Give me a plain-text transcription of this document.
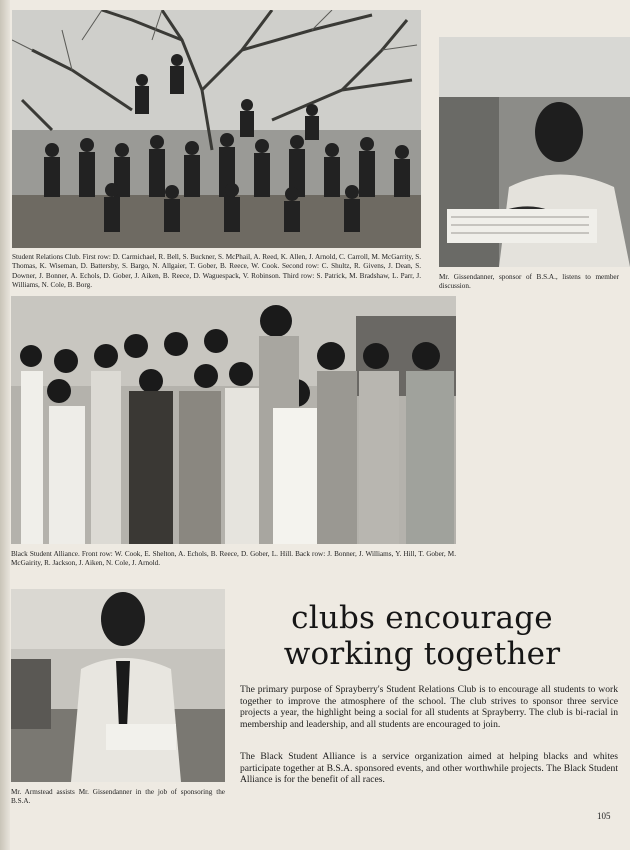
Student Relations Club. First row: D. Carmichael, R. Bell, S. Buckner, S. McPhail, A. Reed, K. Allen, J. Arnold, C. Carroll, M. McGarrity, S. Thomas, K. Wiseman, D. Battersby, S. Bargo, N. Allgaier, T. Gober, B. Reece, W. Cook. Second row: C. Shultz, R. Givens, J. Dean, S. Downer, J. Bonner, A. Echols, D. Gober, J. Aiken, B. Reece, D. Waguespack, V. Robinson. Third row: S. Patrick, M. Bradshaw, L. Parr, J. Williams, N. Cole, B. Borg.
Mr. Gissendanner, sponsor of B.S.A., listens to member discussion.
Black Student Alliance. Front row: W. Cook, E. Shelton, A. Echols, B. Reece, D. Gober, L. Hill. Back row: J. Bonner, J. Williams, Y. Hill, T. Gober, M. McGairity, R. Jackson, J. Aiken, N. Cole, J. Arnold.
Mr. Armstead assists Mr. Gissendanner in the job of sponsoring the B.S.A.
clubs encourage
working together
The primary purpose of Sprayberry's Student Relations Club is to encourage all students to work together to improve the atmosphere of the school. The club strives to sponsor three service projects a year, the highlight being a social for all students at Sprayberry. The club is bi-racial in membership and leadership, and all students are encouraged to join.
The Black Student Alliance is a service organization aimed at helping blacks and whites participate together at B.S.A. sponsored events, and other worthwhile projects. The Black Student Alliance is for the benefit of all races.
105
